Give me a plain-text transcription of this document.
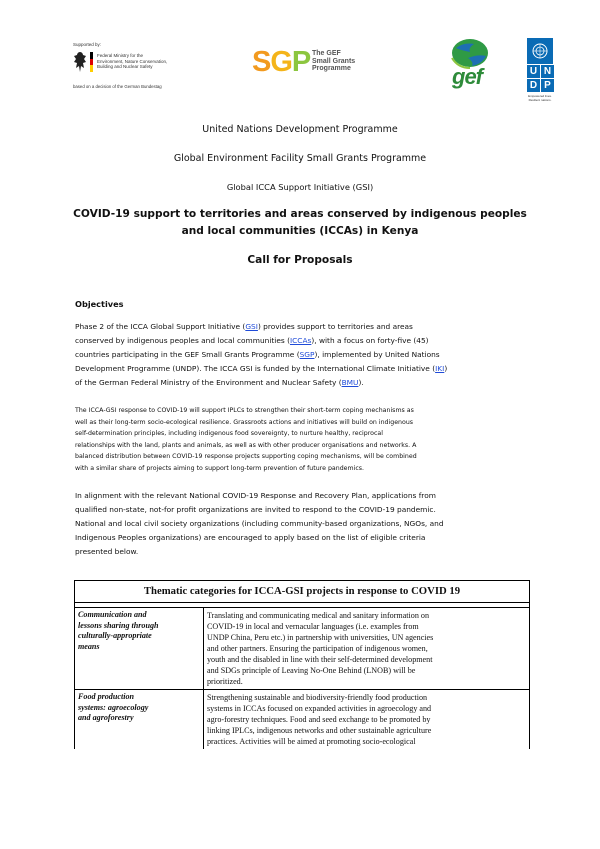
Supported by:
Federal Ministry for the
Environment, Nature Conservation,
Building and Nuclear Safety
based on a decision of the German Bundestag
SGP The GEF
Small Grants
Programme	gef	U N
D P
Empowered lives. Resilient nations.
United Nations Development Programme
Global Environment Facility Small Grants Programme
Global ICCA Support Initiative (GSI)
COVID-19 support to territories and areas conserved by indigenous peoples
and local communities (ICCAs) in Kenya
Call for Proposals
Objectives
Phase 2 of the ICCA Global Support Initiative (GSI) provides support to territories and areas
conserved by indigenous peoples and local communities (ICCAs), with a focus on forty-five (45)
countries participating in the GEF Small Grants Programme (SGP), implemented by United Nations
Development Programme (UNDP). The ICCA GSI is funded by the International Climate Initiative (IKI)
of the German Federal Ministry of the Environment and Nuclear Safety (BMU).
The ICCA-GSI response to COVID-19 will support IPLCs to strengthen their short-term coping mechanisms as
well as their long-term socio-ecological resilience. Grassroots actions and initiatives will build on indigenous
self-determination principles, including indigenous food sovereignty, to nurture healthy, reciprocal
relationships with the land, plants and animals, as well as with other producer organisations and networks. A
balanced distribution between COVID-19 response projects supporting coping mechanisms, will be combined
with a similar share of projects aiming to support long-term prevention of future pandemics.
In alignment with the relevant National COVID-19 Response and Recovery Plan, applications from
qualified non-state, not-for profit organizations are invited to respond to the COVID-19 pandemic.
National and local civil society organizations (including community-based organizations, NGOs, and
Indigenous Peoples organizations) are encouraged to apply based on the list of eligible criteria
presented below.
Thematic categories for ICCA-GSI projects in response to COVID 19
Communication and
lessons sharing through
culturally-appropriate
means
Translating and communicating medical and sanitary information on
COVID-19 in local and vernacular languages (i.e. examples from
UNDP China, Peru etc.) in partnership with universities, UN agencies
and other partners. Ensuring the participation of indigenous women,
youth and the disabled in line with their self-determined development
and SDGs principle of Leaving No-One Behind (LNOB) will be
prioritized.
Food production
systems: agroecology
and agroforestry
Strengthening sustainable and biodiversity-friendly food production
systems in ICCAs focused on expanded activities in agroecology and
agro-forestry techniques. Food and seed exchange to be promoted by
linking IPLCs, indigenous networks and other sustainable agriculture
practices. Activities will be aimed at promoting socio-ecological
